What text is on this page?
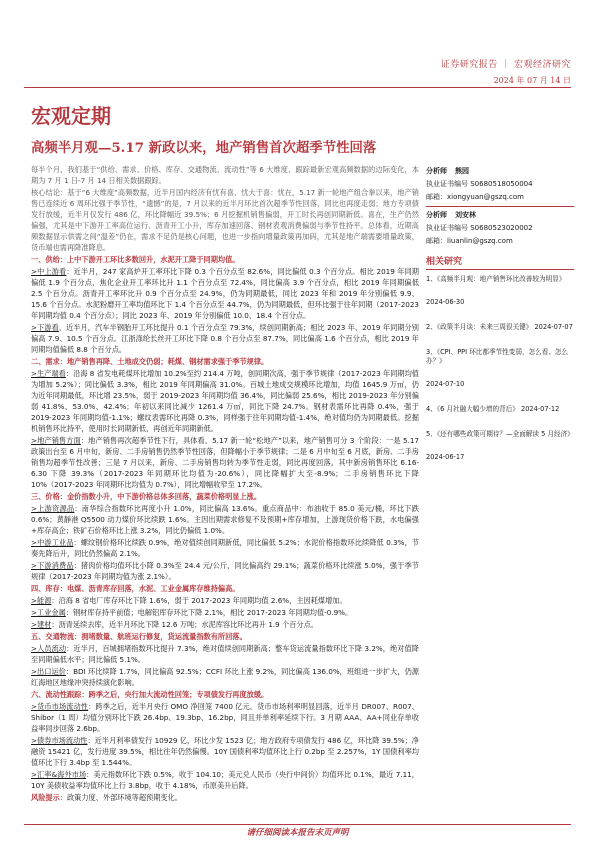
证券研究报告 ｜ 宏观经济研究
2024 年 07 月 14 日
宏观定期
高频半月观—5.17 新政以来，地产销售首次超季节性回落

每半个月，我们基于“供给、需求、价格、库存、交通物流、流动性”等 6 大维度、跟踪最新宏观高频数据的边际变化，本期为 7 月 1 日-7 月 14 日相关数据跟踪。

核心结论：基于“6 大维度”高频数据，近半月国内经济有忧有喜、忧大于喜：忧在，5.17 新一轮地产组合拳以来，地产销售已连续近 6 周环比强于季节性，“遗憾”的是，7 月以来的近半月环比首次超季节性回落，同比也再度走弱；地方专项债发行放缓，近半月仅发行 486 亿，环比降幅近 39.5%；6 月挖掘机销售偏弱，开工时长再创同期新低。喜在，生产仍然偏强，尤其是中下游开工率高位运行、沥青开工小升，库存加速回落、钢材表观消费偏弱与季节性持平。总体看，近期高频数据显示供需之间“温差”仍在，需求不足仍是核心问题，也进一步指向增量政策再加码，尤其是地产端需要增量政策，货币端也需再降准降息。

一、供给：上中下游开工环比多数回升，水泥开工降于同期均值。

>中上游看：近半月，247 家高炉开工率环比下降 0.3 个百分点至 82.6%，同比偏低 0.3 个百分点。相比 2019 年同期偏低 1.9 个百分点，焦化企业开工率环比升 1.1 个百分点至 72.4%，同比偏高 3.9 个百分点，相比 2019 年同期偏低 2.5 个百分点。沥青开工率环比升 0.9 个百分点至 24.9%，仍为同期最低，同比 2023 年和 2019 年分别偏低 9.9、15.6 个百分点。水泥粉磨开工率均值环比下 1.4 个百分点至 44.7%，仍为同期最低，但环比强于往年同期（2017-2023 年同期均值 0.4 个百分点）；同比 2023 年、2019 年分别偏低 10.0、18.4 个百分点。

>下游看，近半月，汽车半钢胎开工环比提升 0.1 个百分点至 79.3%，续创同期新高；相比 2023 年、2019 年同期分别偏高 7.9、10.5 个百分点。江浙涤纶长丝开工环比下降 0.8 个百分点至 87.7%，同比偏高 1.6 个百分点，相比 2019 年同期均值偏低 8.8 个百分点。

二、需求：地产销售再降、土地成交仍弱；耗煤、钢材需求强于季节规律。

>生产端看：沿海 8 省发电耗煤环比增加 10.2%至约 214.4 万吨，创同期次高，强于季节规律（2017-2023 年同期均值为增加 5.2%）；同比偏低 3.3%，相比 2019 年同期偏高 31.0%。百城土地成交规模环比增加，均值 1645.9 万㎡，仍为近年同期最低，环比增 23.5%，弱于 2019-2023 年同期均值 36.4%，同比偏弱 25.6%，相比 2019-2023 年分别偏弱 41.8%、53.0%、42.4%；年初以来同比减少 1261.4 万㎡，同比下降 24.7%。钢材表需环比再降 0.4%，强于 2019-2023 年同期均值-1.1%；螺纹表需环比再降 0.3%，同样强于往年同期均值-1.4%，绝对值均仍为同期最低。挖掘机销售环比持平，使用时长同期新低，再创近年同期新低。

>地产销售方面：地产销售再次超季节性下行，具体看，5.17 新一轮“松地产”以来，地产销售可分 3 个阶段：一是 5.17 政策出台至 6 月中旬，新房、二手房销售仍然季节性回落，但降幅小于季节规律；二是 6 月中旬至 6 月底，新房、二手房销售均超季节性改善；三是 7 月以来，新房、二手房销售均转为季节性走弱，同比再度回落，其中新房销售环比 6.16-6.30 下降 39.3%（2017-2023 年同期环比均值为-20.6%），同比降幅扩大至-8.9%；二手房销售环比下降 10%（2017-2023 年同期环比均值为 0.7%），同比增幅收窄至 17.2%。

三、价格：金价指数小升，中下游价格总体多回落，蔬菜价格明显上涨。

>上游资源品：南华综合指数环比再度小升 1.0%，同比偏高 13.6%。重点商品中：布油收于 85.0 美元/桶，环比下跌 0.6%；黄靜港 Q5500 动力煤价环比续跌 1.6%。主因出期需求修复不及预期+库存增加，上游现货价格下跌，水电偏强+库存高企；铁矿石价格环比上涨 3.2%，同比仍偏低 1.0%。

>中游工业品：螺纹钢价格环比续跌 0.9%，绝对值续创同期新低，同比偏低 5.2%；水泥价格指数环比续降低 0.3%，节奏先降后升，同比仍然偏高 2.1%。

>下游消费品：猪肉价格均值环比小降 0.3%至 24.4 元/公斤，同比偏高约 29.1%；蔬菜价格环比续涨 5.0%，强于季节规律（2017-2023 年同期均值为涨 2.1%）。

四、库存：电煤、沥青库存回落，水泥、工业金属库存维持偏高。

>能源：沿海 8 省电厂库存环比下降 1.6%，弱于 2017-2023 年同期均值 2.6%，主因耗煤增加。

>工业金属：钢材库存持平前值；电解铝库存环比下降 2.1%，相比 2017-2023 年同期均值-0.9%。

>建材：沥青延续去库，近半月环比下降 12.6 万吨；水泥库容比环比再升 1.9 个百分点。

五、交通物流：拥堵数量、航班运行修复，货运流量指数有所回落。

>人员流动：近半月，百城拥堵指数环比提升 7.3%，绝对值续创同期新高；整车货运流量指数环比下降 3.2%，绝对值降至同期偏低水平；同比偏低 5.1%。

>出口运价：BDI 环比续降 1.7%，同比偏高 92.5%；CCFI 环比上涨 9.2%，同比偏高 136.0%，班组进一步扩大，仍源红海地区地缘冲突持续演化影响。

六、流动性跟踪：跨季之后，央行加大流动性回笼；专项债发行再度放缓。

>货币市场流动性：跨季之后，近半月央行 OMO 净回笼 7400 亿元。货币市场利率明显回落，近半月 DR007、R007、Shibor（1 周）均值分别环比下跌 26.4bp、19.3bp、16.2bp，同且并单利率延续下行。3 月期 AAA、AA+同业存单收益率同步回落 2.6bp。

>债券市场流动性：近半月利率债发行 10929 亿，环比少发 1523 亿；地方政府专项债发行 486 亿，环比降 39.5%；净融资 15421 亿，发行进度 39.5%，相比往年仍然偏慢。10Y 国债利率均值环比上行 0.2bp 至 2.257%，1Y 国债利率均值环比下行 3.4bp 至 1.544%。

>汇率&海外市场：美元指数环比下跌 0.5%，收于 104.10；美元兑人民币（央行中间价）均值环比 0.1%，最近 7.11，10Y 美债收益率均值环比上行 3.8bp，收于 4.18%，币原美升后降。

风险提示：政策力度、外部环境等超预期变化。

分析师 熊园
执业证书编号 S0680518050004
邮箱：xiongyuan@gszq.com
分析师 刘安林
执业证书编号 S0680523020002
邮箱：liuanlin@gszq.com
相关研究
1、《高频半月观：地产销售环比改善较为明显》
2024-06-30
2、《政策半月谈：未来三周很关键》 2024-07-07
3、《CPI、PPI 环比都季节性变弱，怎么看、怎么办？》
2024-07-10
4、《6 月社融大幅少增的背后》 2024-07-12
5、《还有哪些政策可期待？—全面解读 5 月经济》
2024-06-17
请仔细阅读本报告末页声明
